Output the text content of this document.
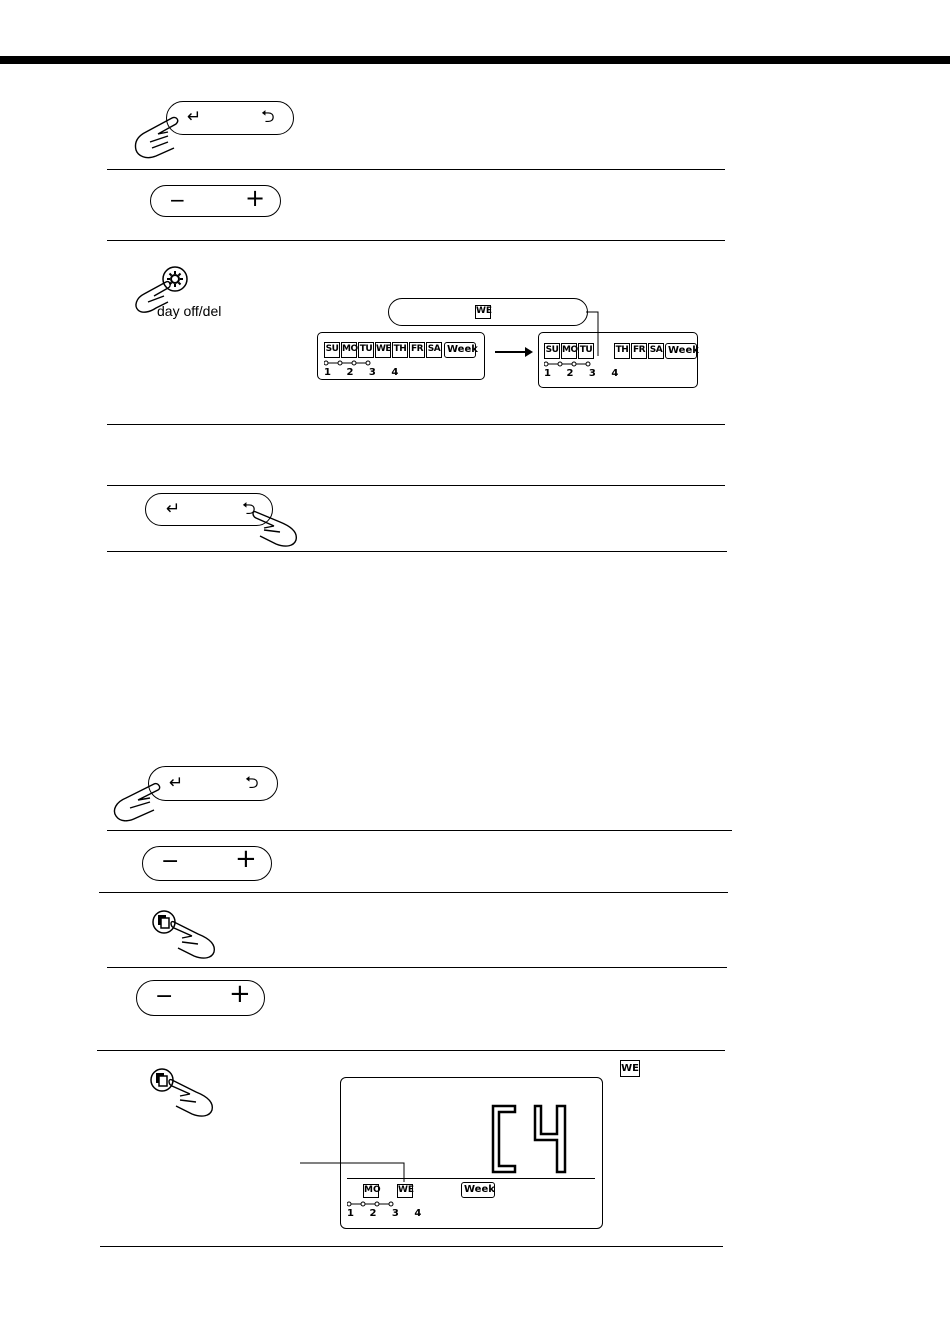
↵	⮌
− +
day off/del	WE
SU MO TU WE TH FR SA Week
1 2 3 4
SU MO TU	TH FR SA Week
1 2 3 4
↵	⮌
↵	⮌
− +
− +
WE
MO WE	Week
1 2 3 4
